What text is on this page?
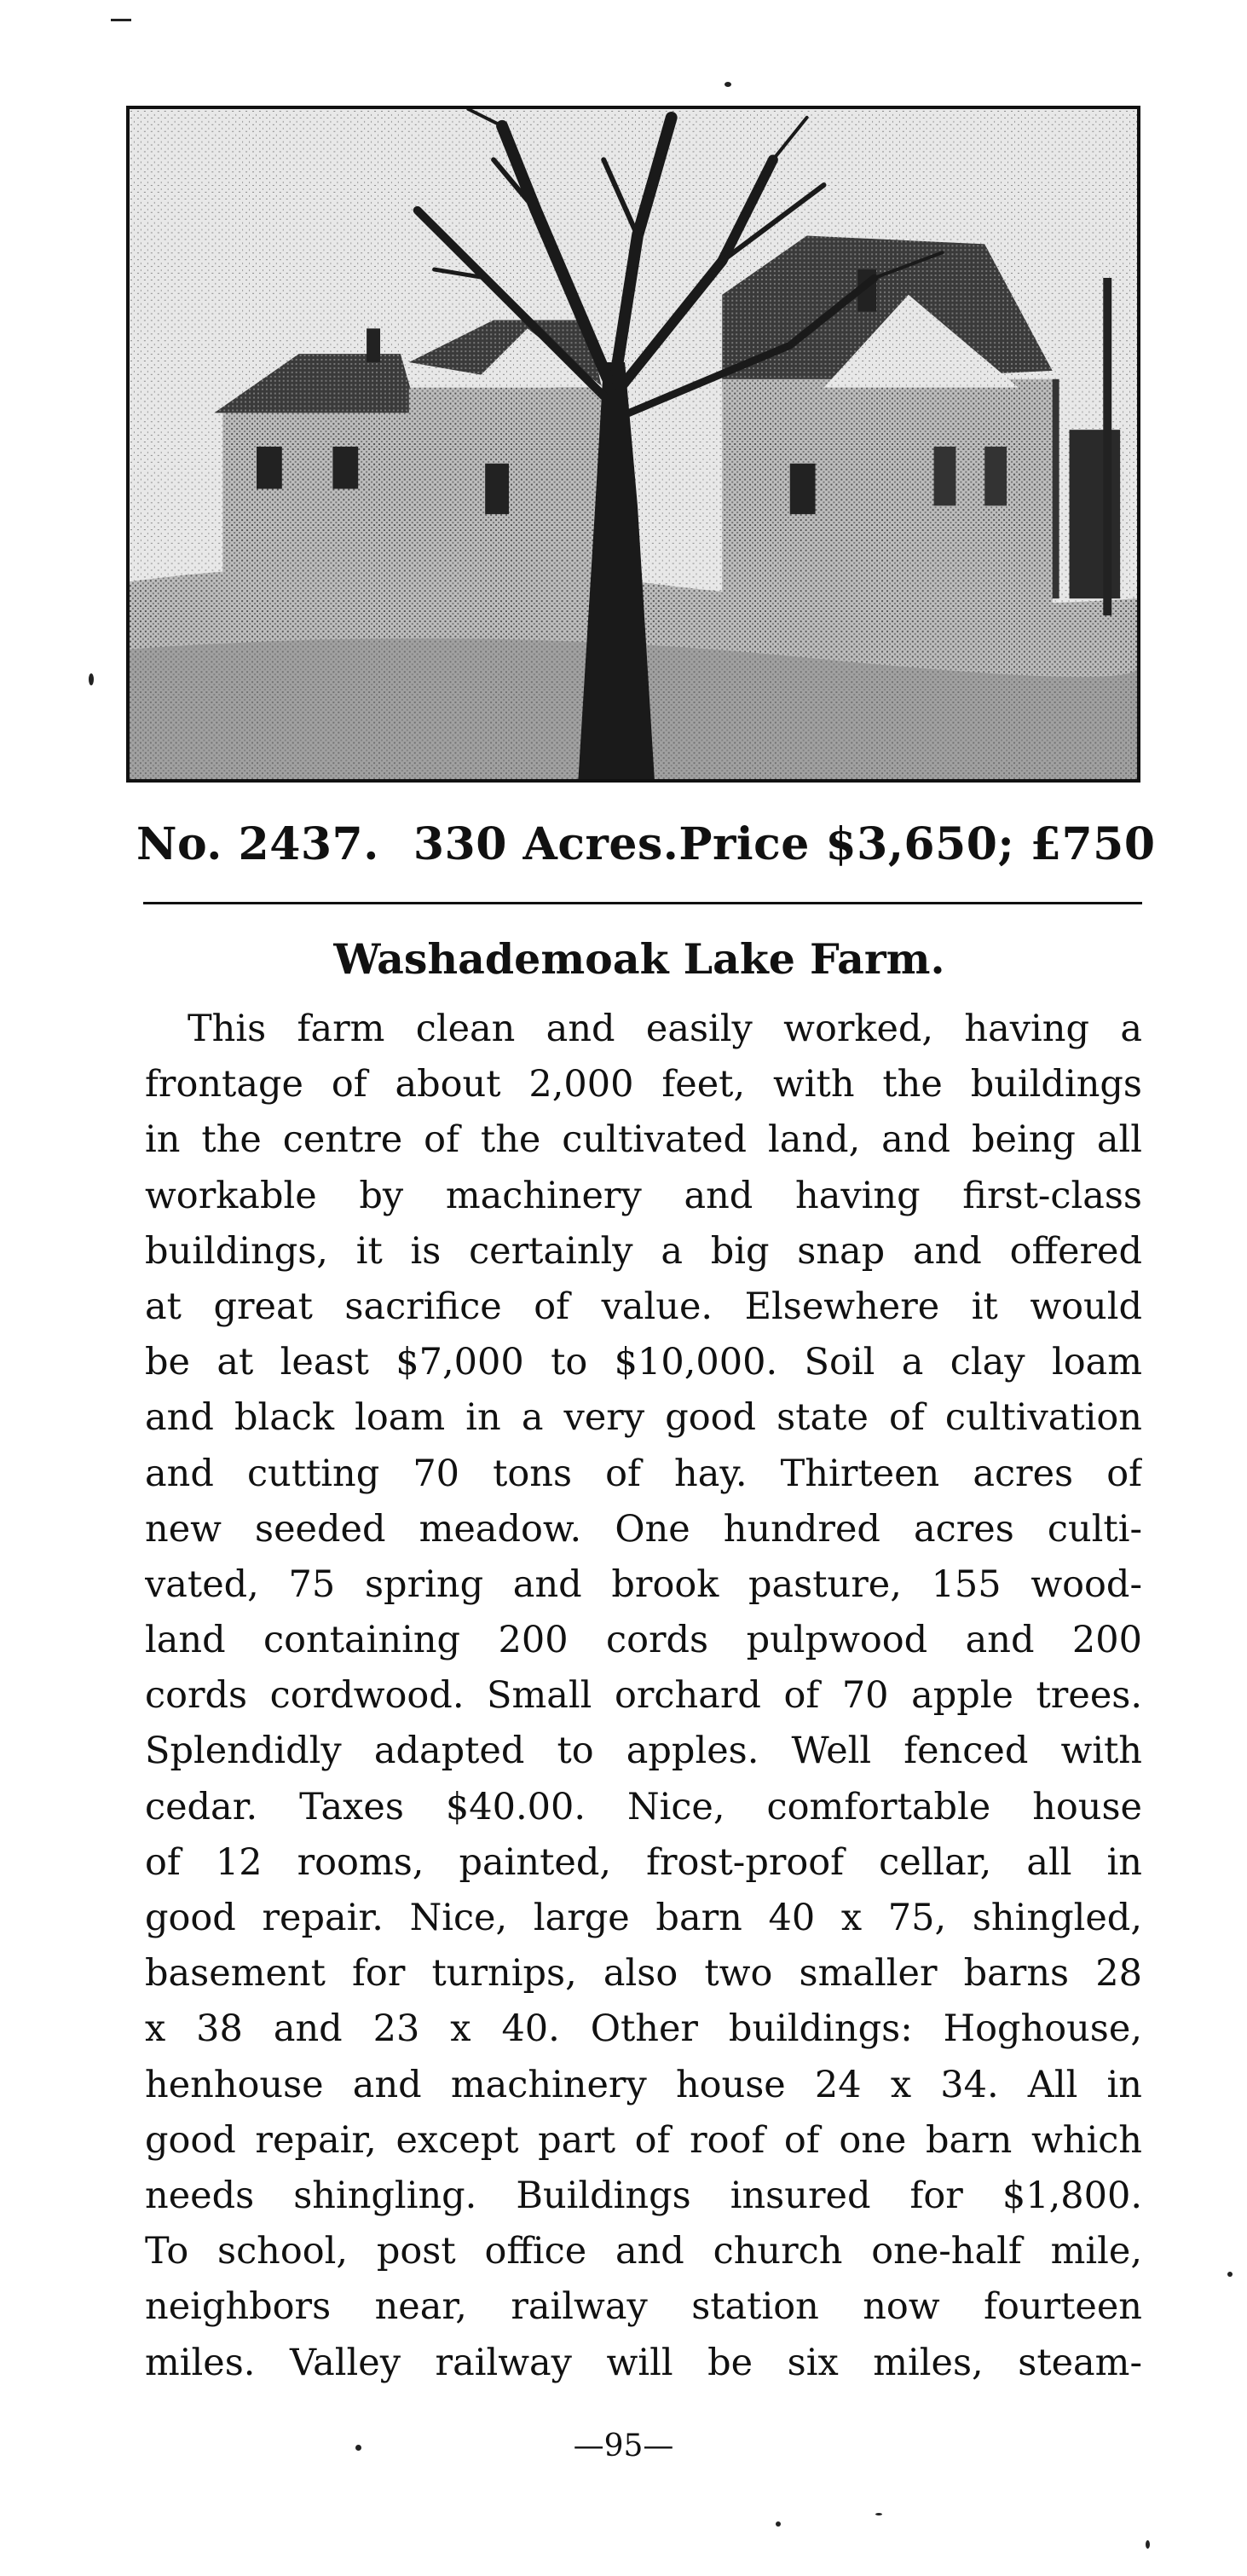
No. 2437. 330 Acres. Price $3,650; £750
Washademoak Lake Farm.
This farm clean and easily worked, having a
frontage of about 2,000 feet, with the buildings
in the centre of the cultivated land, and being all
workable by machinery and having first-class
buildings, it is certainly a big snap and offered
at great sacrifice of value. Elsewhere it would
be at least $7,000 to $10,000. Soil a clay loam
and black loam in a very good state of cultivation
and cutting 70 tons of hay. Thirteen acres of
new seeded meadow. One hundred acres culti-
vated, 75 spring and brook pasture, 155 wood-
land containing 200 cords pulpwood and 200
cords cordwood. Small orchard of 70 apple trees.
Splendidly adapted to apples. Well fenced with
cedar. Taxes $40.00. Nice, comfortable house
of 12 rooms, painted, frost-proof cellar, all in
good repair. Nice, large barn 40 x 75, shingled,
basement for turnips, also two smaller barns 28
x 38 and 23 x 40. Other buildings: Hoghouse,
henhouse and machinery house 24 x 34. All in
good repair, except part of roof of one barn which
needs shingling. Buildings insured for $1,800.
To school, post office and church one-half mile,
neighbors near, railway station now fourteen
miles. Valley railway will be six miles, steam-
—95—
